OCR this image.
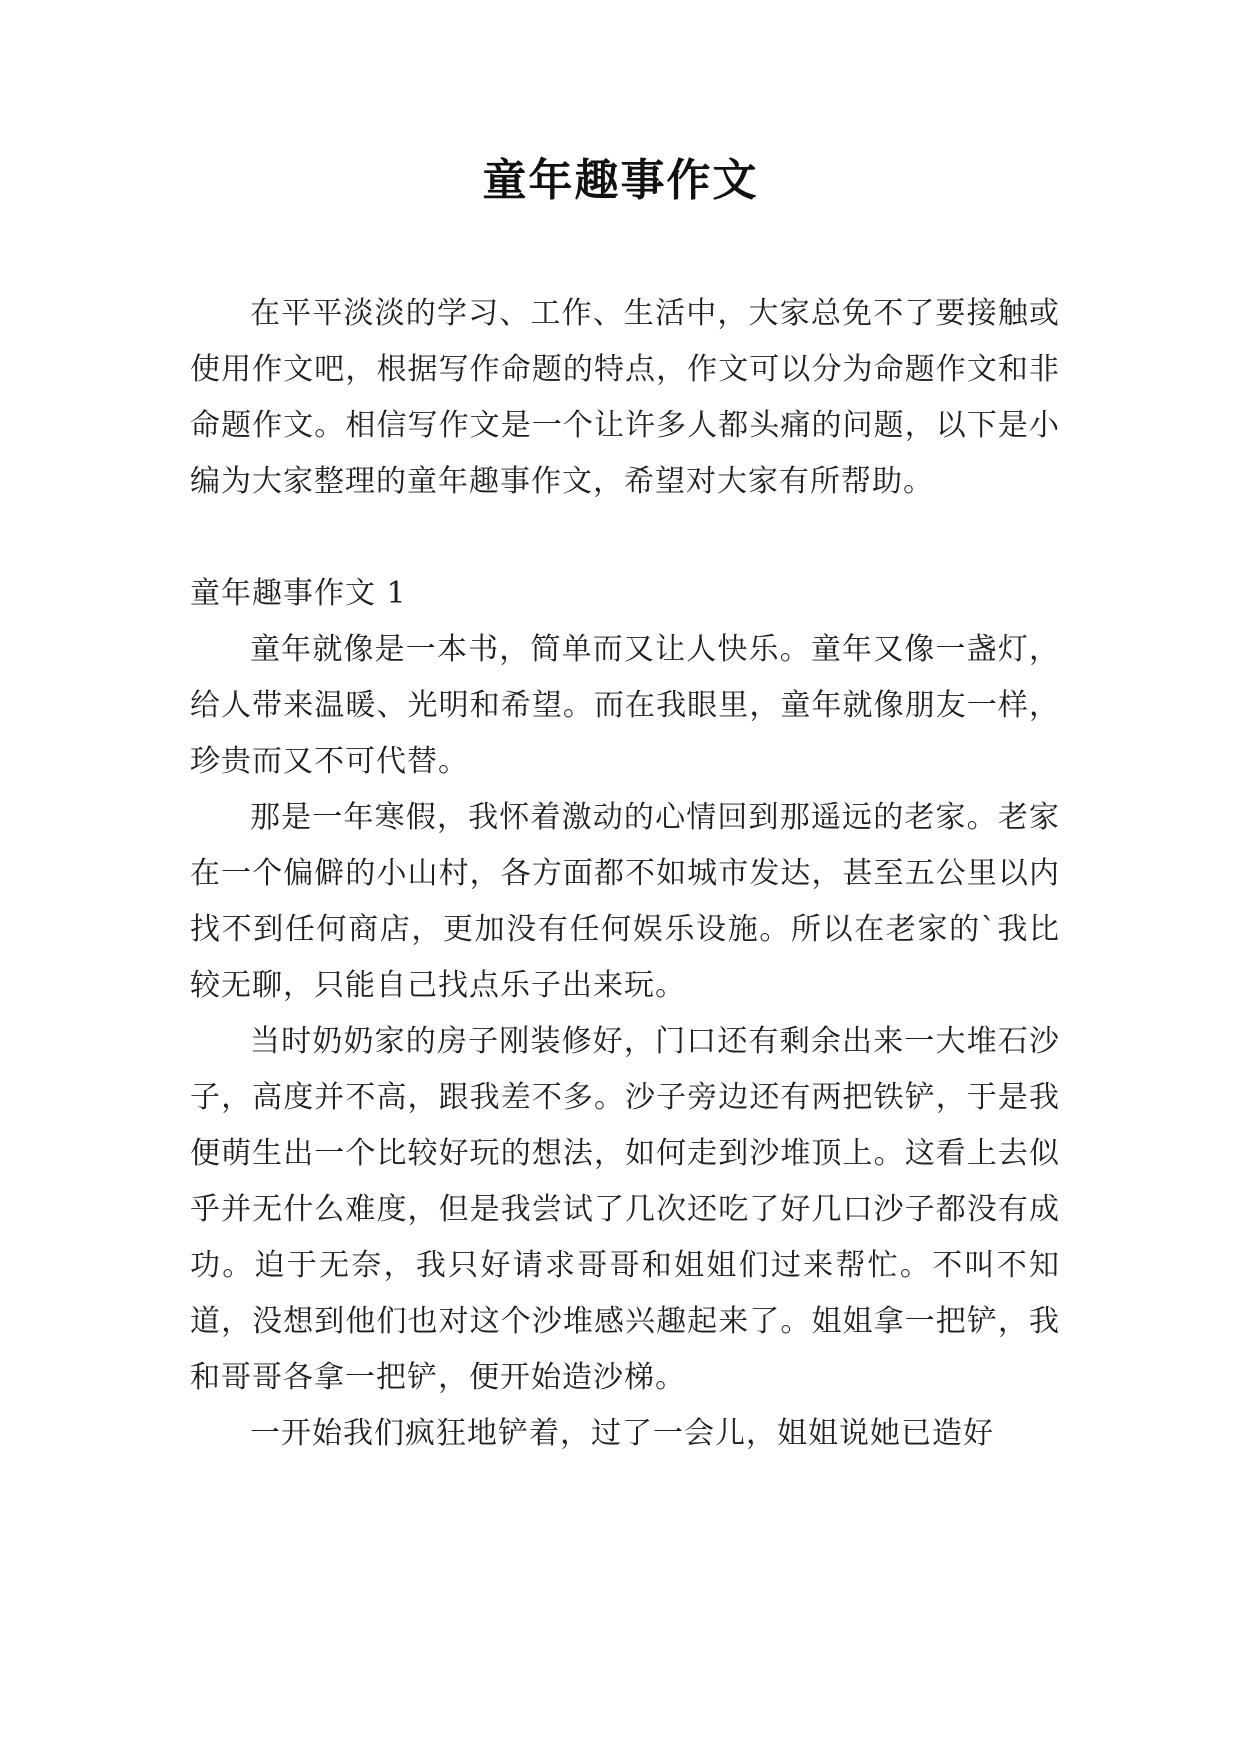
童年趣事作文

在平平淡淡的学习、工作、生活中，大家总免不了要接触或使用作文吧，根据写作命题的特点，作文可以分为命题作文和非命题作文。相信写作文是一个让许多人都头痛的问题，以下是小编为大家整理的童年趣事作文，希望对大家有所帮助。

童年趣事作文 1

童年就像是一本书，简单而又让人快乐。童年又像一盏灯，给人带来温暖、光明和希望。而在我眼里，童年就像朋友一样，珍贵而又不可代替。

那是一年寒假，我怀着激动的心情回到那遥远的老家。老家在一个偏僻的小山村，各方面都不如城市发达，甚至五公里以内找不到任何商店，更加没有任何娱乐设施。所以在老家的`我比较无聊，只能自己找点乐子出来玩。

当时奶奶家的房子刚装修好，门口还有剩余出来一大堆石沙子，高度并不高，跟我差不多。沙子旁边还有两把铁铲，于是我便萌生出一个比较好玩的想法，如何走到沙堆顶上。这看上去似乎并无什么难度，但是我尝试了几次还吃了好几口沙子都没有成功。迫于无奈，我只好请求哥哥和姐姐们过来帮忙。不叫不知道，没想到他们也对这个沙堆感兴趣起来了。姐姐拿一把铲，我和哥哥各拿一把铲，便开始造沙梯。

一开始我们疯狂地铲着，过了一会儿，姐姐说她已造好
